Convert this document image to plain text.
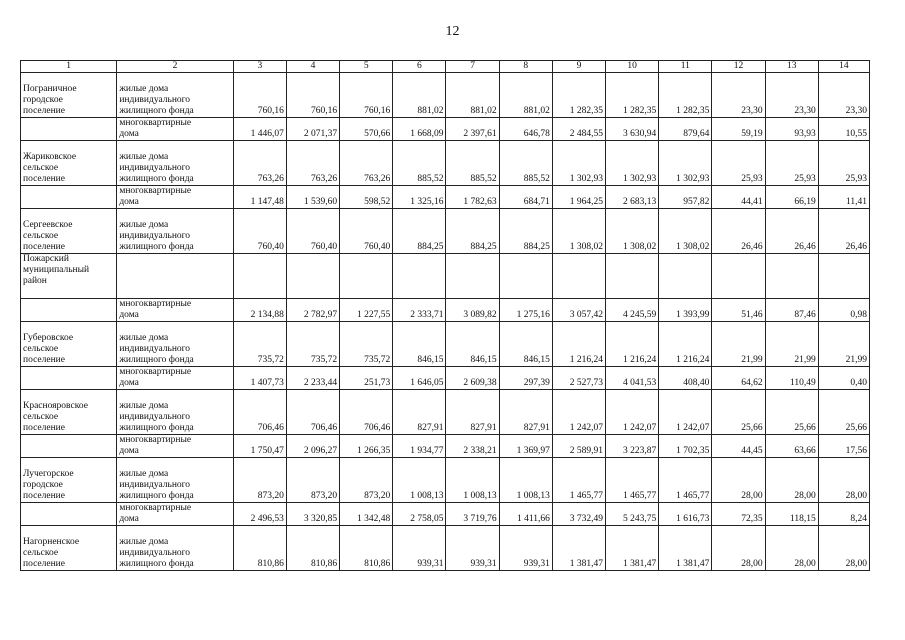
12
1	2	3	4	5	6	7	8	9	10	11	12	13	14
Пограничное
городское
поселение	жилые дома
индивидуального
жилищного фонда	760,16	760,16	760,16	881,02	881,02	881,02	1 282,35	1 282,35	1 282,35	23,30	23,30	23,30
	многоквартирные
дома	1 446,07	2 071,37	570,66	1 668,09	2 397,61	646,78	2 484,55	3 630,94	879,64	59,19	93,93	10,55
Жариковское
сельское
поселение	жилые дома
индивидуального
жилищного фонда	763,26	763,26	763,26	885,52	885,52	885,52	1 302,93	1 302,93	1 302,93	25,93	25,93	25,93
	многоквартирные
дома	1 147,48	1 539,60	598,52	1 325,16	1 782,63	684,71	1 964,25	2 683,13	957,82	44,41	66,19	11,41
Сергеевское
сельское
поселение	жилые дома
индивидуального
жилищного фонда	760,40	760,40	760,40	884,25	884,25	884,25	1 308,02	1 308,02	1 308,02	26,46	26,46	26,46
Пожарский
муниципальный
район													
	многоквартирные
дома	2 134,88	2 782,97	1 227,55	2 333,71	3 089,82	1 275,16	3 057,42	4 245,59	1 393,99	51,46	87,46	0,98
Губеровское
сельское
поселение	жилые дома
индивидуального
жилищного фонда	735,72	735,72	735,72	846,15	846,15	846,15	1 216,24	1 216,24	1 216,24	21,99	21,99	21,99
	многоквартирные
дома	1 407,73	2 233,44	251,73	1 646,05	2 609,38	297,39	2 527,73	4 041,53	408,40	64,62	110,49	0,40
Краснояровское
сельское
поселение	жилые дома
индивидуального
жилищного фонда	706,46	706,46	706,46	827,91	827,91	827,91	1 242,07	1 242,07	1 242,07	25,66	25,66	25,66
	многоквартирные
дома	1 750,47	2 096,27	1 266,35	1 934,77	2 338,21	1 369,97	2 589,91	3 223,87	1 702,35	44,45	63,66	17,56
Лучегорское
городское
поселение	жилые дома
индивидуального
жилищного фонда	873,20	873,20	873,20	1 008,13	1 008,13	1 008,13	1 465,77	1 465,77	1 465,77	28,00	28,00	28,00
	многоквартирные
дома	2 496,53	3 320,85	1 342,48	2 758,05	3 719,76	1 411,66	3 732,49	5 243,75	1 616,73	72,35	118,15	8,24
Нагорненское
сельское
поселение	жилые дома
индивидуального
жилищного фонда	810,86	810,86	810,86	939,31	939,31	939,31	1 381,47	1 381,47	1 381,47	28,00	28,00	28,00
